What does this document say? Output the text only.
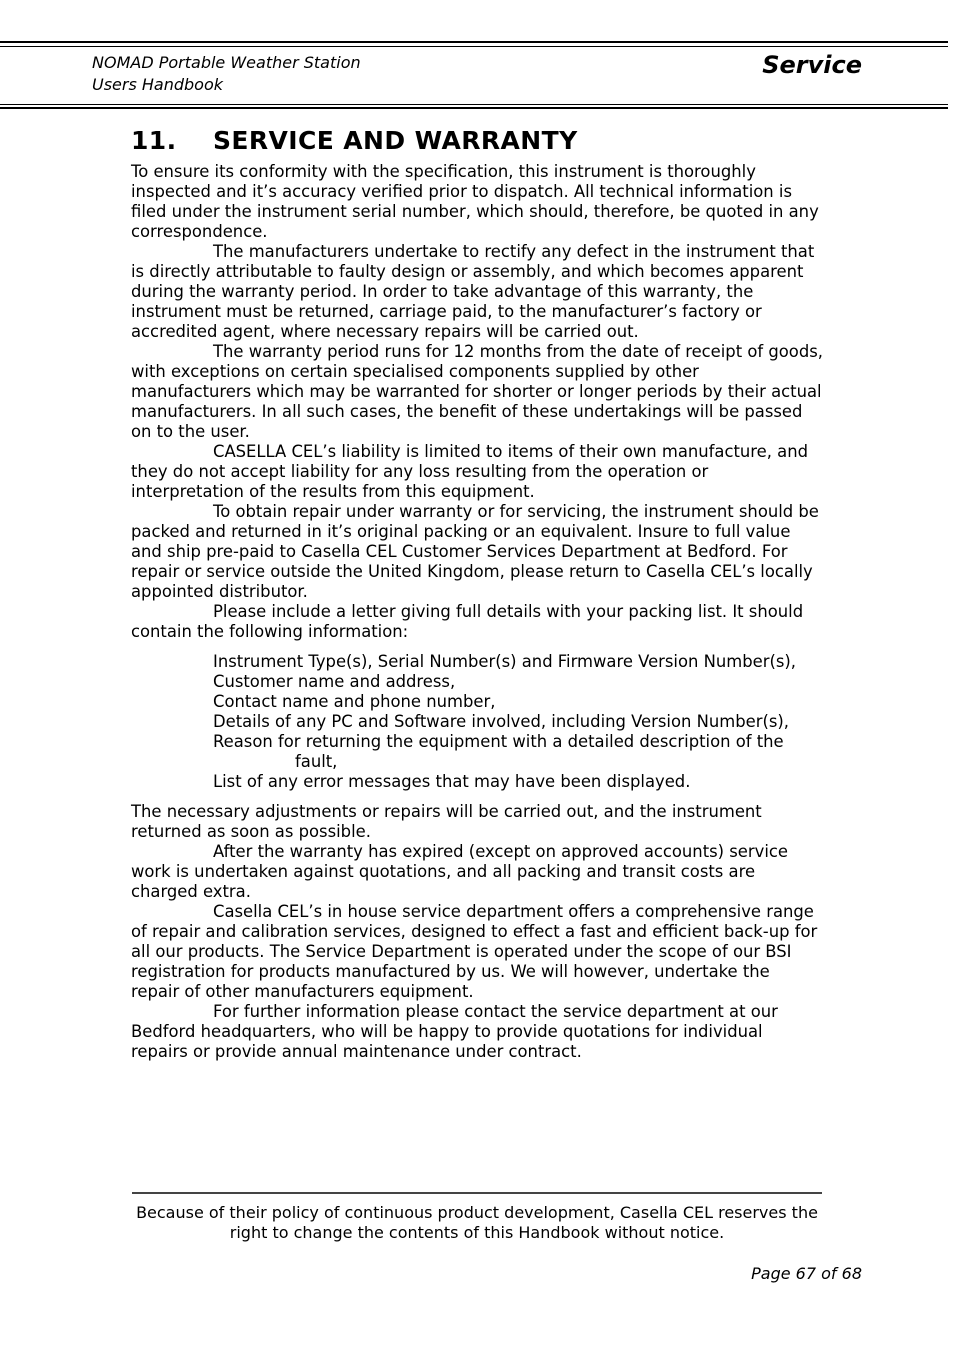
NOMAD Portable Weather Station
Users Handbook
Service
11. SERVICE AND WARRANTY

To ensure its conformity with the specification, this instrument is thoroughly inspected and it’s accuracy verified prior to dispatch. All technical information is filed under the instrument serial number, which should, therefore, be quoted in any correspondence.

The manufacturers undertake to rectify any defect in the instrument that is directly attributable to faulty design or assembly, and which becomes apparent during the warranty period. In order to take advantage of this warranty, the instrument must be returned, carriage paid, to the manufacturer’s factory or accredited agent, where necessary repairs will be carried out.

The warranty period runs for 12 months from the date of receipt of goods, with exceptions on certain specialised components supplied by other manufacturers which may be warranted for shorter or longer periods by their actual manufacturers. In all such cases, the benefit of these undertakings will be passed on to the user.

CASELLA CEL’s liability is limited to items of their own manufacture, and they do not accept liability for any loss resulting from the operation or interpretation of the results from this equipment.

To obtain repair under warranty or for servicing, the instrument should be packed and returned in it’s original packing or an equivalent. Insure to full value and ship pre-paid to Casella CEL Customer Services Department at Bedford. For repair or service outside the United Kingdom, please return to Casella CEL’s locally appointed distributor.

Please include a letter giving full details with your packing list. It should contain the following information:

Instrument Type(s), Serial Number(s) and Firmware Version Number(s),
Customer name and address,
Contact name and phone number,
Details of any PC and Software involved, including Version Number(s),
Reason for returning the equipment with a detailed description of the fault,
List of any error messages that may have been displayed.

The necessary adjustments or repairs will be carried out, and the instrument returned as soon as possible.

After the warranty has expired (except on approved accounts) service work is undertaken against quotations, and all packing and transit costs are charged extra.

Casella CEL’s in house service department offers a comprehensive range of repair and calibration services, designed to effect a fast and efficient back-up for all our products. The Service Department is operated under the scope of our BSI registration for products manufactured by us. We will however, undertake the repair of other manufacturers equipment.

For further information please contact the service department at our Bedford headquarters, who will be happy to provide quotations for individual repairs or provide annual maintenance under contract.

Because of their policy of continuous product development, Casella CEL reserves the right to change the contents of this Handbook without notice.
Page 67 of 68
